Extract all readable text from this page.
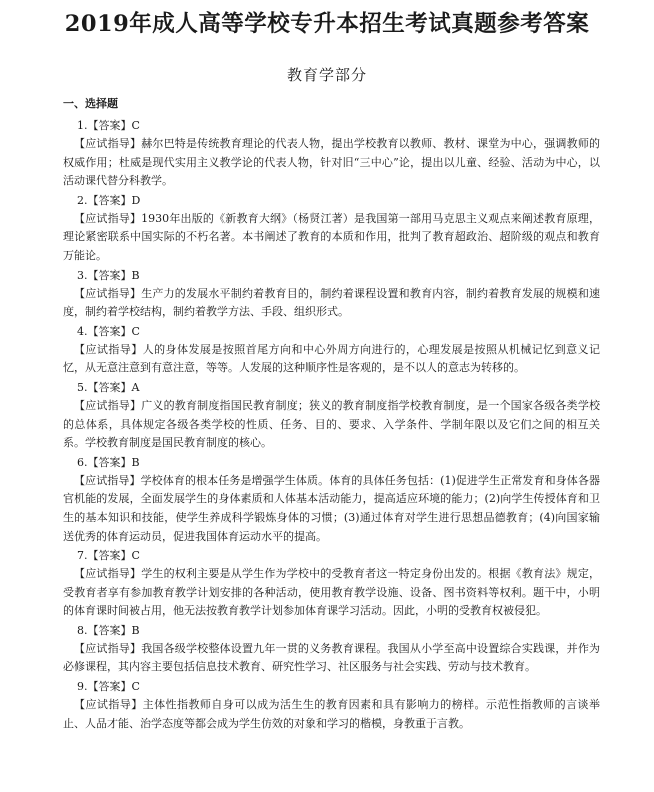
2019年成人高等学校专升本招生考试真题参考答案
教育学部分
一、选择题
1.【答案】C

【应试指导】赫尔巴特是传统教育理论的代表人物，提出学校教育以教师、教材、课堂为中心，强调教师的权威作用；杜威是现代实用主义教学论的代表人物，针对旧“三中心”论，提出以儿童、经验、活动为中心，以活动课代替分科教学。

2.【答案】D

【应试指导】1930年出版的《新教育大纲》（杨贤江著）是我国第一部用马克思主义观点来阐述教育原理，理论紧密联系中国实际的不朽名著。本书阐述了教育的本质和作用，批判了教育超政治、超阶级的观点和教育万能论。

3.【答案】B

【应试指导】生产力的发展水平制约着教育目的，制约着课程设置和教育内容，制约着教育发展的规模和速度，制约着学校结构，制约着教学方法、手段、组织形式。

4.【答案】C

【应试指导】人的身体发展是按照首尾方向和中心外周方向进行的，心理发展是按照从机械记忆到意义记忆，从无意注意到有意注意，等等。人发展的这种顺序性是客观的，是不以人的意志为转移的。

5.【答案】A

【应试指导】广义的教育制度指国民教育制度；狭义的教育制度指学校教育制度，是一个国家各级各类学校的总体系，具体规定各级各类学校的性质、任务、目的、要求、入学条件、学制年限以及它们之间的相互关系。学校教育制度是国民教育制度的核心。

6.【答案】B

【应试指导】学校体育的根本任务是增强学生体质。体育的具体任务包括：(1)促进学生正常发育和身体各器官机能的发展，全面发展学生的身体素质和人体基本活动能力，提高适应环境的能力；(2)向学生传授体育和卫生的基本知识和技能，使学生养成科学锻炼身体的习惯；(3)通过体育对学生进行思想品德教育；(4)向国家输送优秀的体育运动员，促进我国体育运动水平的提高。

7.【答案】C

【应试指导】学生的权利主要是从学生作为学校中的受教育者这一特定身份出发的。根据《教育法》规定，受教育者享有参加教育教学计划安排的各种活动，使用教育教学设施、设备、图书资料等权利。题干中，小明的体育课时间被占用，他无法按教育教学计划参加体育课学习活动。因此，小明的受教育权被侵犯。

8.【答案】B

【应试指导】我国各级学校整体设置九年一贯的义务教育课程。我国从小学至高中设置综合实践课，并作为必修课程，其内容主要包括信息技术教育、研究性学习、社区服务与社会实践、劳动与技术教育。

9.【答案】C

【应试指导】主体性指教师自身可以成为活生生的教育因素和具有影响力的榜样。示范性指教师的言谈举止、人品才能、治学态度等都会成为学生仿效的对象和学习的楷模，身教重于言教。
